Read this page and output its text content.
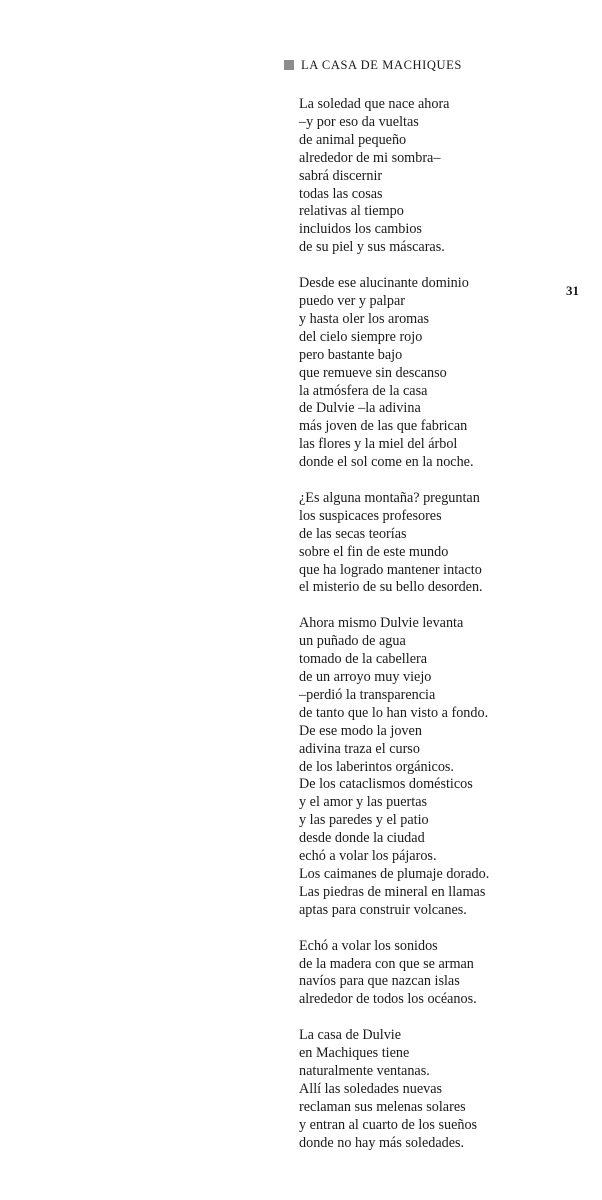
LA CASA DE MACHIQUES
31
La soledad que nace ahora
–y por eso da vueltas
de animal pequeño
alrededor de mi sombra–
sabrá discernir
todas las cosas
relativas al tiempo
incluidos los cambios
de su piel y sus máscaras.
Desde ese alucinante dominio
puedo ver y palpar
y hasta oler los aromas
del cielo siempre rojo
pero bastante bajo
que remueve sin descanso
la atmósfera de la casa
de Dulvie –la adivina
más joven de las que fabrican
las flores y la miel del árbol
donde el sol come en la noche.
¿Es alguna montaña? preguntan
los suspicaces profesores
de las secas teorías
sobre el fin de este mundo
que ha logrado mantener intacto
el misterio de su bello desorden.
Ahora mismo Dulvie levanta
un puñado de agua
tomado de la cabellera
de un arroyo muy viejo
–perdió la transparencia
de tanto que lo han visto a fondo.
De ese modo la joven
adivina traza el curso
de los laberintos orgánicos.
De los cataclismos domésticos
y el amor y las puertas
y las paredes y el patio
desde donde la ciudad
echó a volar los pájaros.
Los caimanes de plumaje dorado.
Las piedras de mineral en llamas
aptas para construir volcanes.
Echó a volar los sonidos
de la madera con que se arman
navíos para que nazcan islas
alrededor de todos los océanos.
La casa de Dulvie
en Machiques tiene
naturalmente ventanas.
Allí las soledades nuevas
reclaman sus melenas solares
y entran al cuarto de los sueños
donde no hay más soledades.
